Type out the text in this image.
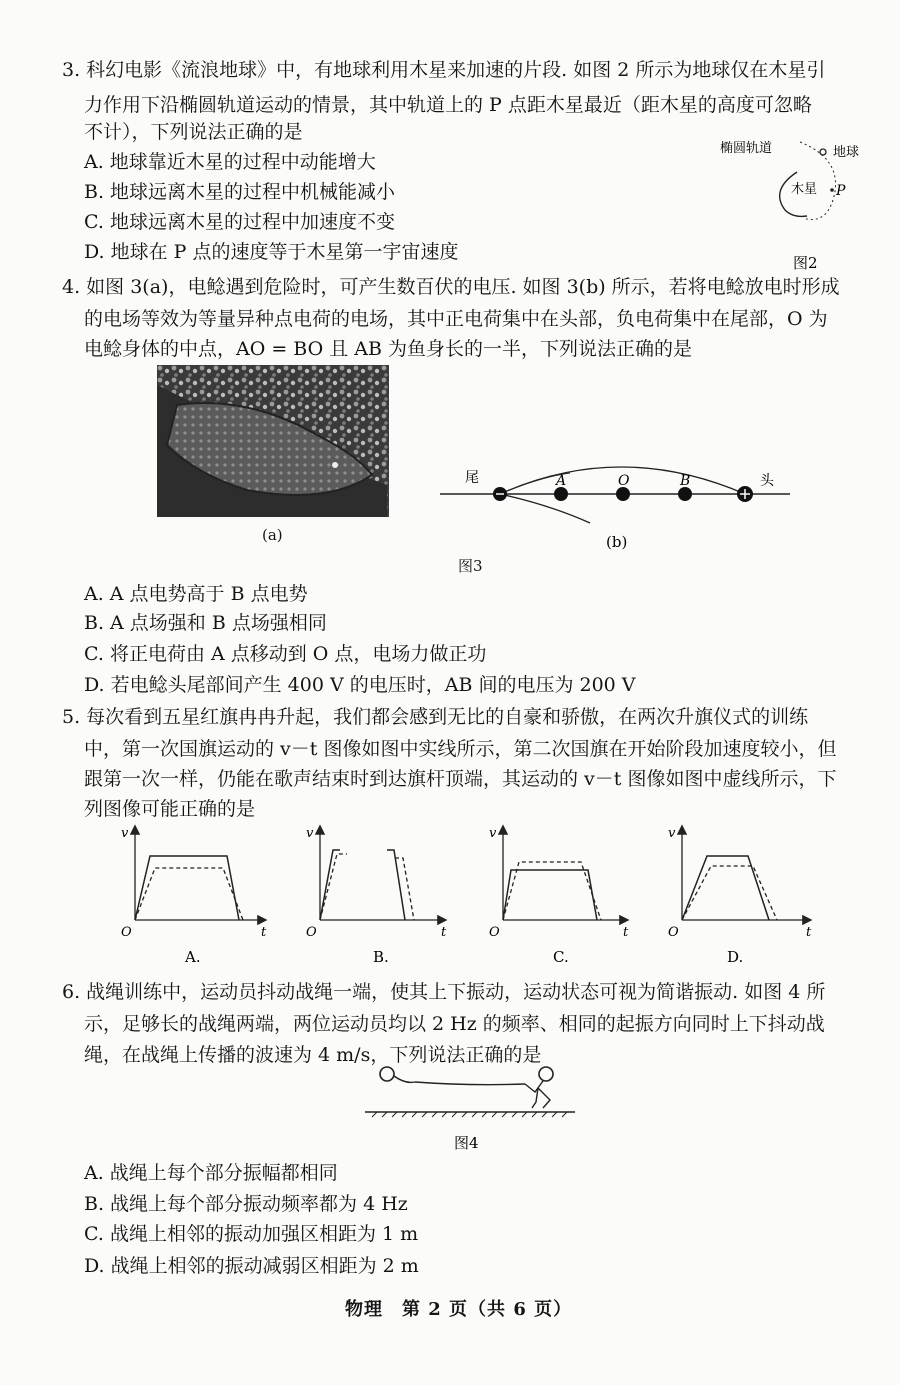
3. 科幻电影《流浪地球》中，有地球利用木星来加速的片段. 如图 2 所示为地球仅在木星引
力作用下沿椭圆轨道运动的情景，其中轨道上的 P 点距木星最近（距木星的高度可忽略
不计），下列说法正确的是
A. 地球靠近木星的过程中动能增大
B. 地球远离木星的过程中机械能减小
C. 地球远离木星的过程中加速度不变
D. 地球在 P 点的速度等于木星第一宇宙速度
椭圆轨道	地球
木星 P
图2
4. 如图 3(a)，电鲶遇到危险时，可产生数百伏的电压. 如图 3(b) 所示，若将电鲶放电时形成
的电场等效为等量异种点电荷的电场，其中正电荷集中在头部，负电荷集中在尾部，O 为
电鲶身体的中点，AO = BO 且 AB 为鱼身长的一半，下列说法正确的是
(a)
尾	头
A	O	B
(b)
图3
A. A 点电势高于 B 点电势
B. A 点场强和 B 点场强相同
C. 将正电荷由 A 点移动到 O 点，电场力做正功
D. 若电鲶头尾部间产生 400 V 的电压时，AB 间的电压为 200 V
5. 每次看到五星红旗冉冉升起，我们都会感到无比的自豪和骄傲，在两次升旗仪式的训练
中，第一次国旗运动的 v－t 图像如图中实线所示，第二次国旗在开始阶段加速度较小，但
跟第一次一样，仍能在歌声结束时到达旗杆顶端，其运动的 v－t 图像如图中虚线所示，下
列图像可能正确的是
v
t
O
A.
v
t
O
B.
v
t
O
C.
v
t
O
D.
6. 战绳训练中，运动员抖动战绳一端，使其上下振动，运动状态可视为简谐振动. 如图 4 所
示，足够长的战绳两端，两位运动员均以 2 Hz 的频率、相同的起振方向同时上下抖动战
绳，在战绳上传播的波速为 4 m/s，下列说法正确的是
图4
A. 战绳上每个部分振幅都相同
B. 战绳上每个部分振动频率都为 4 Hz
C. 战绳上相邻的振动加强区相距为 1 m
D. 战绳上相邻的振动减弱区相距为 2 m
物理　第 2 页（共 6 页）
